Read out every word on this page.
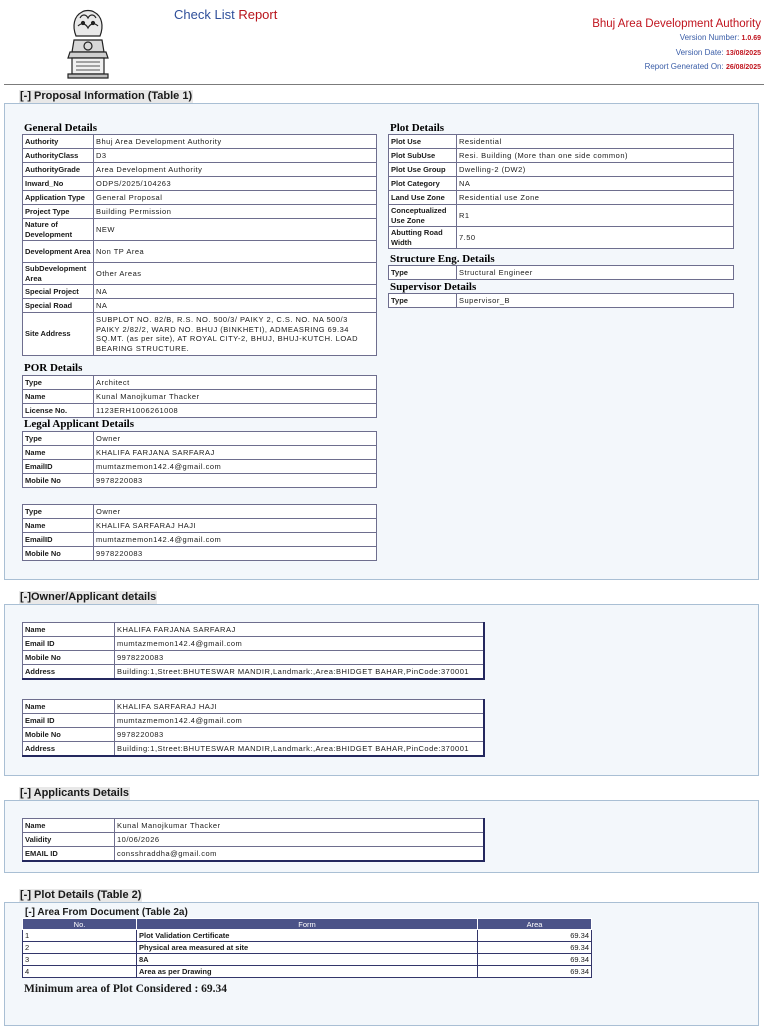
Check List Report
Bhuj Area Development Authority
Version Number: 1.0.69
Version Date: 13/08/2025
Report Generated On: 26/08/2025
[-] Proposal Information (Table 1)
General Details
Authority	Bhuj Area Development Authority
AuthorityClass	D3
AuthorityGrade	Area Development Authority
Inward_No	ODPS/2025/104263
Application Type	General Proposal
Project Type	Building Permission
Nature of Development	NEW
Development Area	Non TP Area
SubDevelopment Area	Other Areas
Special Project	NA
Special Road	NA
Site Address	SUBPLOT NO. 82/B, R.S. NO. 500/3/ PAIKY 2, C.S. NO. NA 500/3 PAIKY 2/82/2, WARD NO. BHUJ (BINKHETI), ADMEASRING 69.34 SQ.MT. (as per site), AT ROYAL CITY-2, BHUJ, BHUJ-KUTCH. LOAD BEARING STRUCTURE.
POR Details
Type	Architect
Name	Kunal Manojkumar Thacker
License No.	1123ERH1006261008
Legal Applicant Details
Type	Owner
Name	KHALIFA FARJANA SARFARAJ
EmailID	mumtazmemon142.4@gmail.com
Mobile No	9978220083
Type	Owner
Name	KHALIFA SARFARAJ HAJI
EmailID	mumtazmemon142.4@gmail.com
Mobile No	9978220083
Plot Details
Plot Use	Residential
Plot SubUse	Resi. Building (More than one side common)
Plot Use Group	Dwelling-2 (DW2)
Plot Category	NA
Land Use Zone	Residential use Zone
Conceptualized Use Zone	R1
Abutting Road Width	7.50
Structure Eng. Details
Type	Structural Engineer
Supervisor Details
Type	Supervisor_B
[-]Owner/Applicant details
Name	KHALIFA FARJANA SARFARAJ
Email ID	mumtazmemon142.4@gmail.com
Mobile No	9978220083
Address	Building:1,Street:BHUTESWAR MANDIR,Landmark:,Area:BHIDGET BAHAR,PinCode:370001
Name	KHALIFA SARFARAJ HAJI
Email ID	mumtazmemon142.4@gmail.com
Mobile No	9978220083
Address	Building:1,Street:BHUTESWAR MANDIR,Landmark:,Area:BHIDGET BAHAR,PinCode:370001
[-] Applicants Details
Name	Kunal Manojkumar Thacker
Validity	10/06/2026
EMAIL ID	consshraddha@gmail.com
[-] Plot Details (Table 2)
[-] Area From Document (Table 2a)
No.	Form	Area
1	Plot Validation Certificate	69.34
2	Physical area measured at site	69.34
3	8A	69.34
4	Area as per Drawing	69.34
Minimum area of Plot Considered : 69.34
